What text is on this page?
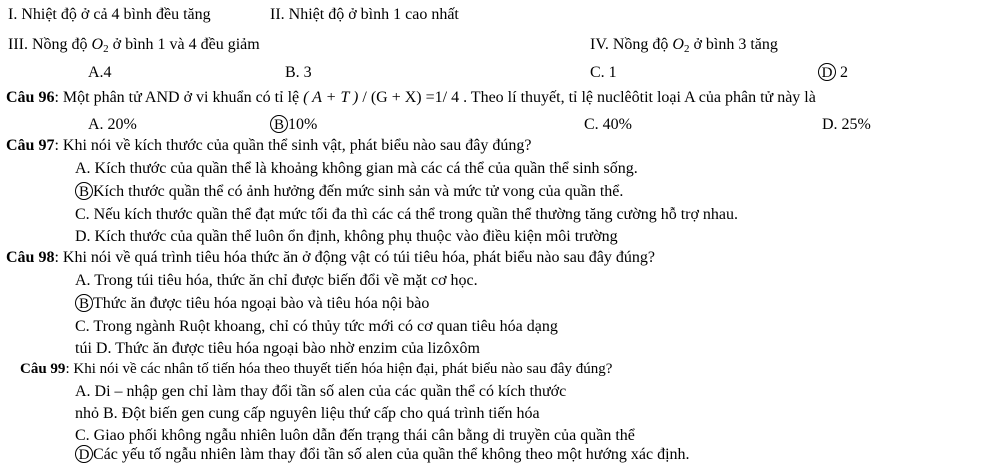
I. Nhiệt độ ở cả 4 bình đều tăng	II. Nhiệt độ ở bình 1 cao nhất
III. Nồng độ $O_2$ ở bình 1 và 4 đều giảm	IV. Nồng độ $O_2$ ở bình 3 tăng
A.4	B. 3	C. 1	D 2
Câu 96: Một phân tử AND ở vi khuẩn có tỉ lệ ( A + T ) / (G + X) =1/ 4 . Theo lí thuyết, tỉ lệ nuclêôtit loại A của phân tử này là
A. 20%	B 10%	C. 40%	D. 25%
Câu 97: Khi nói về kích thước của quần thể sinh vật, phát biểu nào sau đây đúng?
A. Kích thước của quần thể là khoảng không gian mà các cá thể của quần thể sinh sống.
B Kích thước quần thể có ảnh hưởng đến mức sinh sản và mức tử vong của quần thể.
C. Nếu kích thước quần thể đạt mức tối đa thì các cá thể trong quần thể thường tăng cường hỗ trợ nhau.
D. Kích thước của quần thể luôn ổn định, không phụ thuộc vào điều kiện môi trường
Câu 98: Khi nói về quá trình tiêu hóa thức ăn ở động vật có túi tiêu hóa, phát biểu nào sau đây đúng?
A. Trong túi tiêu hóa, thức ăn chỉ được biến đổi về mặt cơ học.
B Thức ăn được tiêu hóa ngoại bào và tiêu hóa nội bào
C. Trong ngành Ruột khoang, chỉ có thủy tức mới có cơ quan tiêu hóa dạng
túi D. Thức ăn được tiêu hóa ngoại bào nhờ enzim của lizôxôm
Câu 99: Khi nói về các nhân tố tiến hóa theo thuyết tiến hóa hiện đại, phát biểu nào sau đây đúng?
A. Di – nhập gen chỉ làm thay đổi tần số alen của các quần thể có kích thước
nhỏ B. Đột biến gen cung cấp nguyên liệu thứ cấp cho quá trình tiến hóa
C. Giao phối không ngẫu nhiên luôn dẫn đến trạng thái cân bằng di truyền của quần thể
D Các yếu tố ngẫu nhiên làm thay đổi tần số alen của quần thể không theo một hướng xác định.
